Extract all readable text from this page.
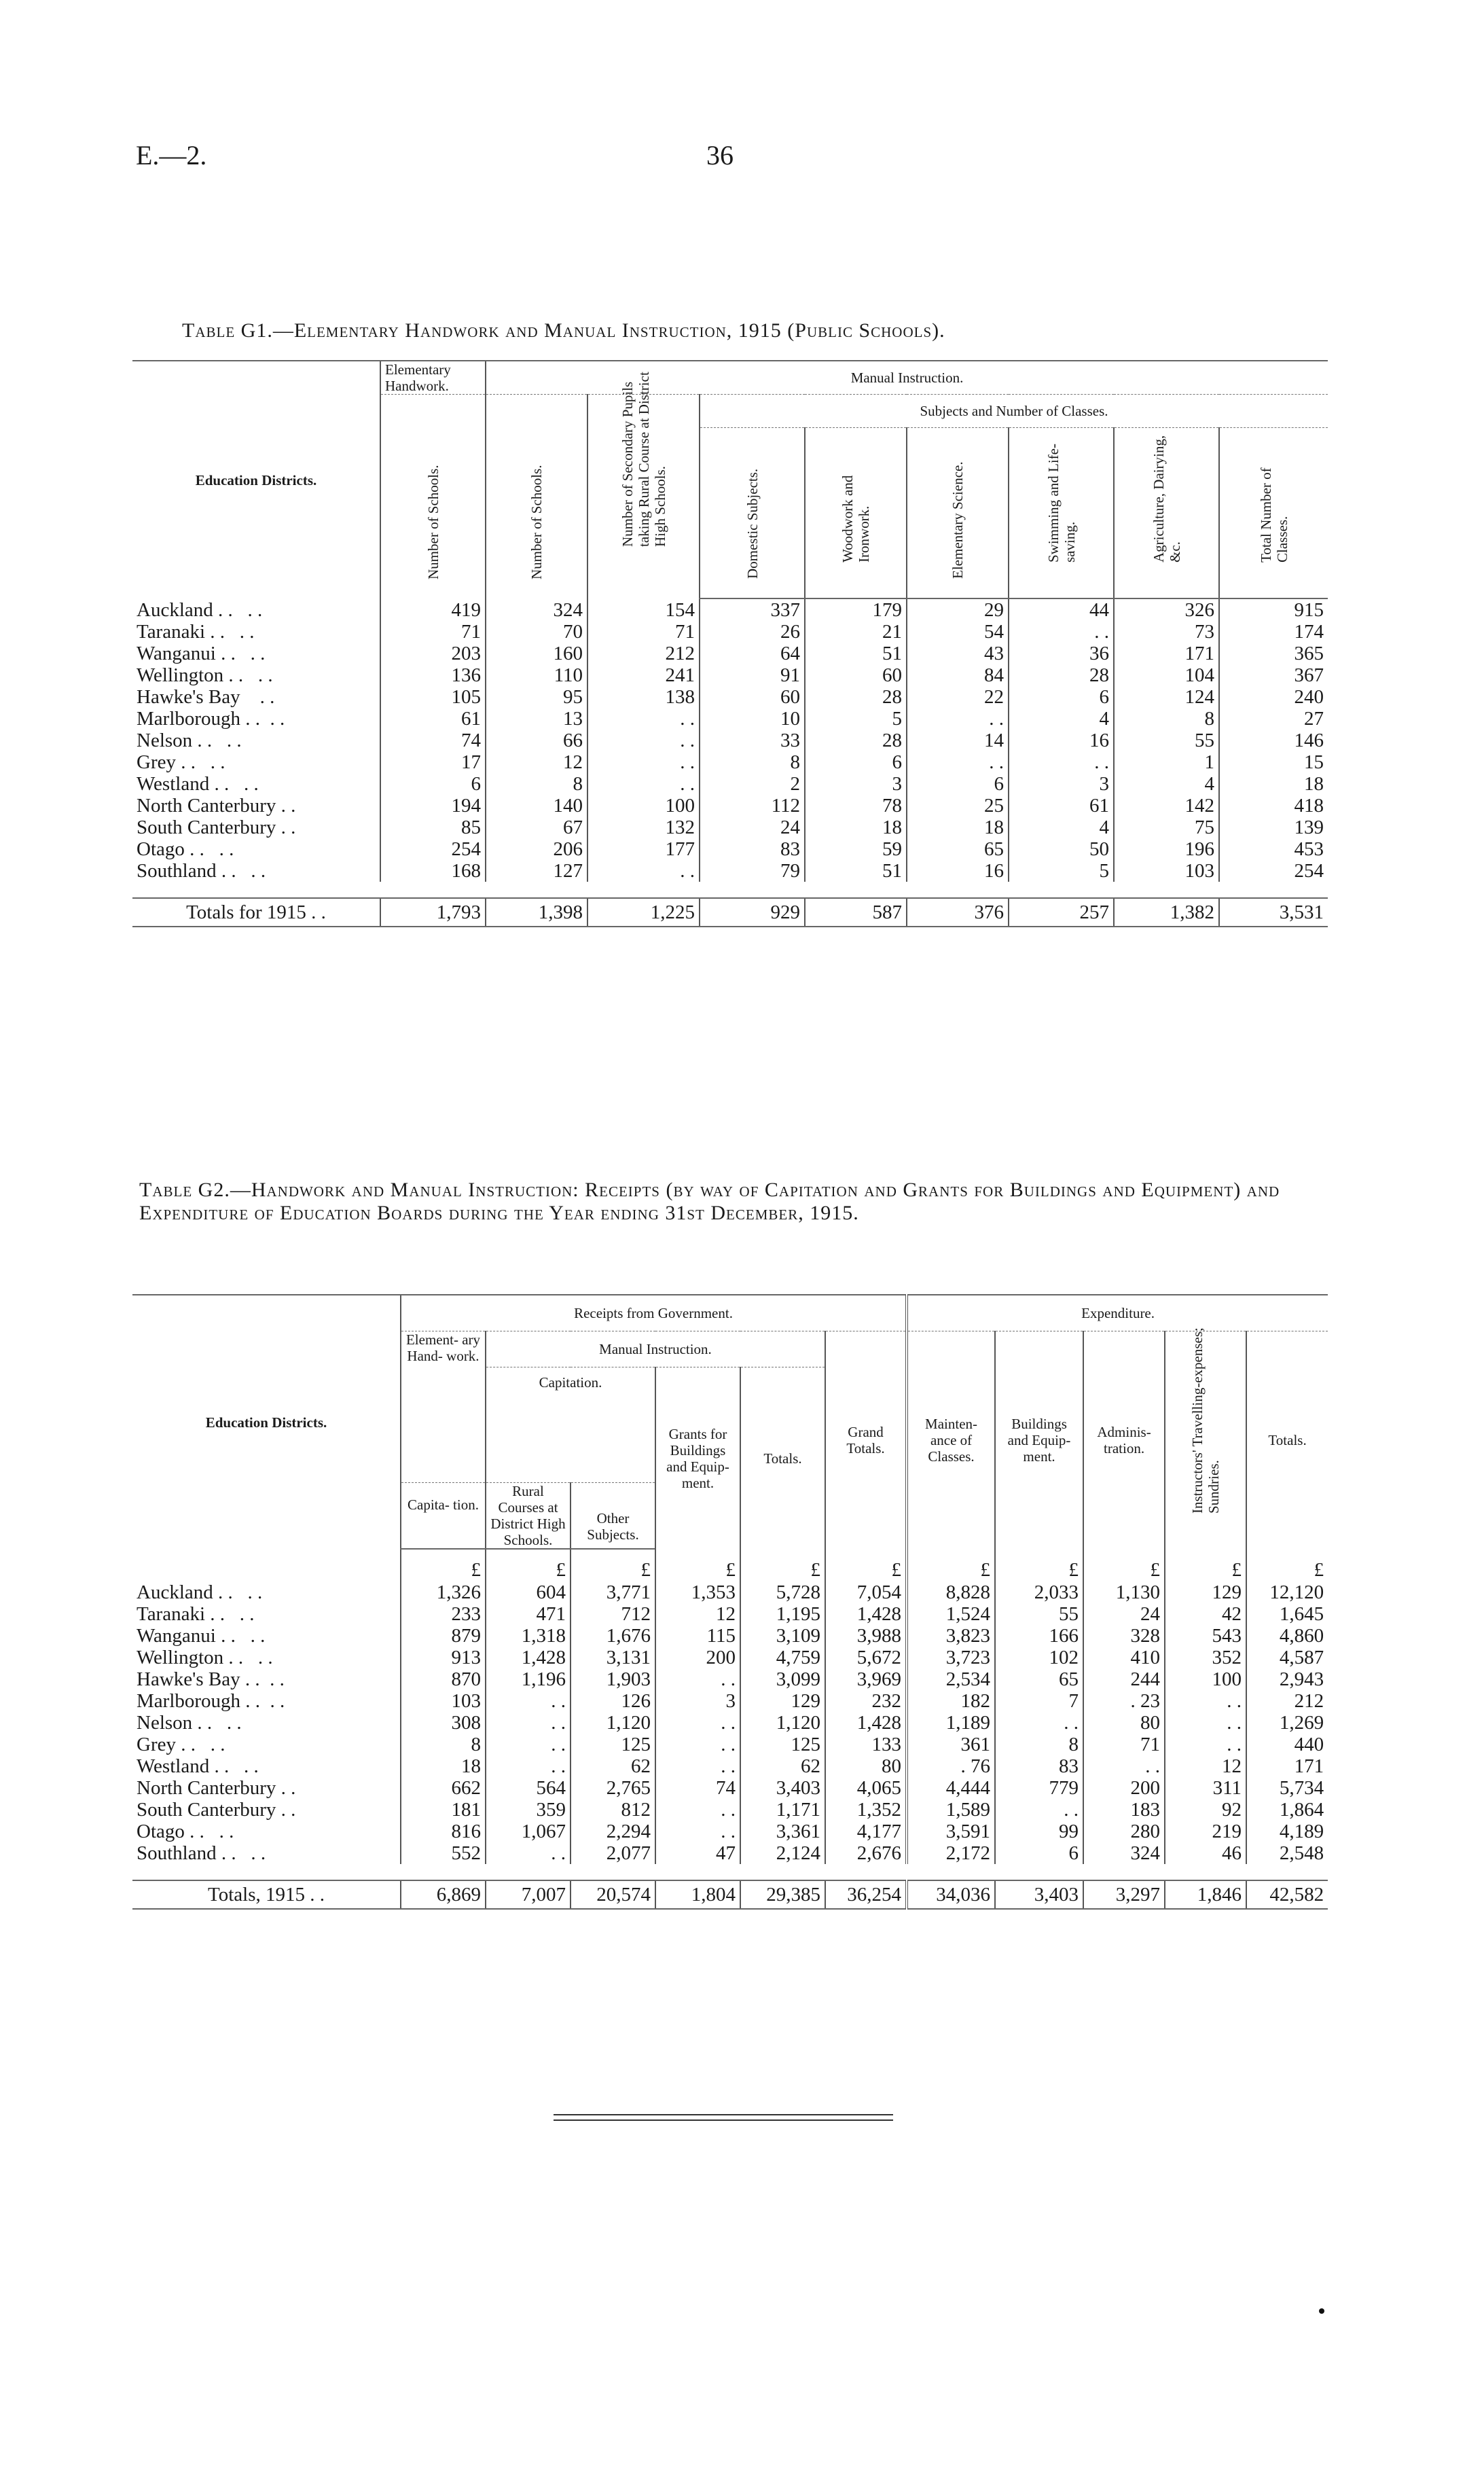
E.—2.	36
Table G1.—Elementary Handwork and Manual Instruction, 1915 (Public Schools).
Education Districts.	Elementary Handwork.	Manual Instruction.							

	Number of Schools.	Number of Schools.	Number of Secondary Pupils taking Rural Course at District High Schools.	Subjects and Number of Classes.					

				Domestic Subjects.	Woodwork and Ironwork.	Elementary Science.	Swimming and Life-saving.	Agriculture, Dairying, &c.	Total Number of Classes.

Auckland . .   . .	419	324	154	337	179	29	44	326	915
Taranaki . .   . .	71	70	71	26	21	54	. .	73	174
Wanganui . .   . .	203	160	212	64	51	43	36	171	365
Wellington . .   . .	136	110	241	91	60	84	28	104	367
Hawke's Bay    . .	105	95	138	60	28	22	6	124	240
Marlborough . .  . .	61	13	. .	10	5	. .	4	8	27
Nelson . .   . .	74	66	. .	33	28	14	16	55	146
Grey . .   . .	17	12	. .	8	6	. .	. .	1	15
Westland . .   . .	6	8	. .	2	3	6	3	4	18
North Canterbury . .	194	140	100	112	78	25	61	142	418
South Canterbury . .	85	67	132	24	18	18	4	75	139
Otago . .   . .	254	206	177	83	59	65	50	196	453
Southland . .   . .	168	127	. .	79	51	16	5	103	254

Totals for 1915 . .	1,793	1,398	1,225	929	587	376	257	1,382	3,531
Table G2.—Handwork and Manual Instruction: Receipts (by way of Capitation and Grants for Buildings and Equipment) and Expenditure of Education Boards during the Year ending 31st December, 1915.
Education Districts.	Receipts from Government.						Expenditure.				
	Element- ary Hand- work.	Manual Instruction.				Grand Totals.	Mainten- ance of Classes.	Buildings and Equip- ment.	Adminis- tration.	Instructors' Travelling-expenses; Sundries.	Totals.
		Capitation.		Grants for Buildings and Equip- ment.	Totals.						
	Capita- tion.	Rural Courses at District High Schools.	Other Subjects.								
	£	£	£	£	£	£	£	£	£	£	£
Auckland . .   . .	1,326	604	3,771	1,353	5,728	7,054	8,828	2,033	1,130	129	12,120
Taranaki . .   . .	233	471	712	12	1,195	1,428	1,524	55	24	42	1,645
Wanganui . .   . .	879	1,318	1,676	115	3,109	3,988	3,823	166	328	543	4,860
Wellington . .   . .	913	1,428	3,131	200	4,759	5,672	3,723	102	410	352	4,587
Hawke's Bay . .  . .	870	1,196	1,903	. .	3,099	3,969	2,534	65	244	100	2,943
Marlborough . .  . .	103	. .	126	3	129	232	182	7	. 23	. .	212
Nelson . .   . .	308	. .	1,120	. .	1,120	1,428	1,189	. .	80	. .	1,269
Grey . .   . .	8	. .	125	. .	125	133	361	8	71	. .	440
Westland . .   . .	18	. .	62	. .	62	80	. 76	83	. .	12	171
North Canterbury . .	662	564	2,765	74	3,403	4,065	4,444	779	200	311	5,734
South Canterbury . .	181	359	812	. .	1,171	1,352	1,589	. .	183	92	1,864
Otago . .   . .	816	1,067	2,294	. .	3,361	4,177	3,591	99	280	219	4,189
Southland . .   . .	552	. .	2,077	47	2,124	2,676	2,172	6	324	46	2,548

Totals, 1915 . .	6,869	7,007	20,574	1,804	29,385	36,254	34,036	3,403	3,297	1,846	42,582
